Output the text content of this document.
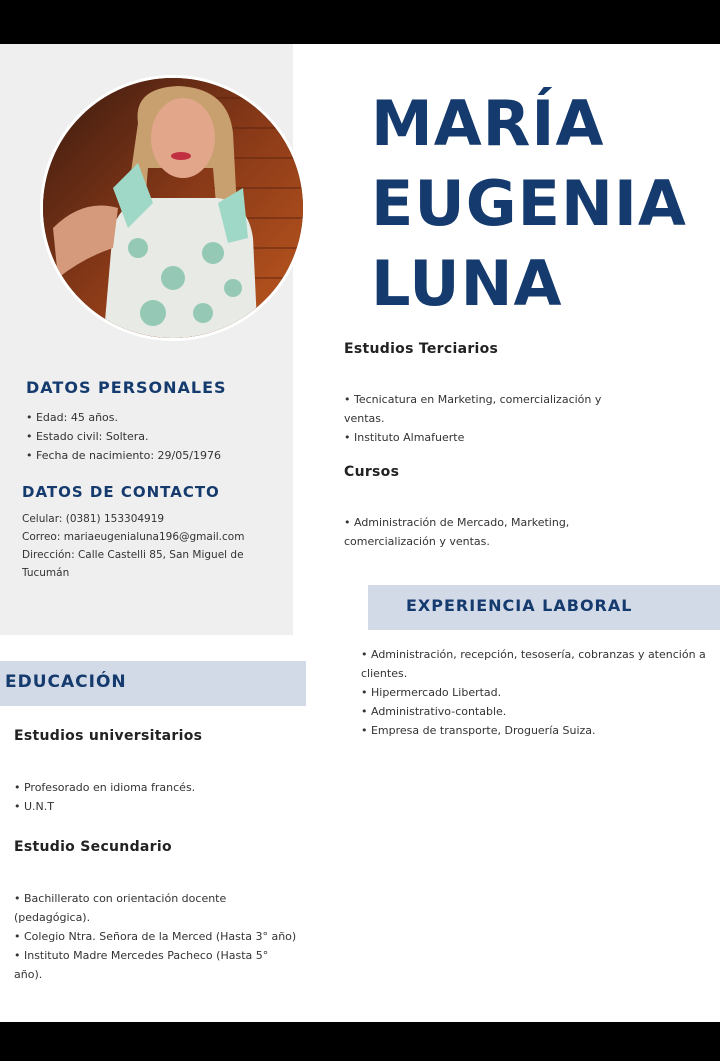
MARÍA
EUGENIA
LUNA
DATOS PERSONALES

• Edad: 45 años.

• Estado civil: Soltera.

• Fecha de nacimiento: 29/05/1976

DATOS DE CONTACTO

Celular: (0381) 153304919

Correo: mariaeugenialuna196@gmail.com

Dirección: Calle Castelli 85, San Miguel de

Tucumán

Estudios Terciarios

• Tecnicatura en Marketing, comercialización y

ventas.

• Instituto Almafuerte

Cursos

• Administración de Mercado, Marketing,

comercialización y ventas.

EXPERIENCIA LABORAL

• Administración, recepción, tesosería, cobranzas y atención a

clientes.

• Hipermercado Libertad.

• Administrativo-contable.

• Empresa de transporte, Droguería Suiza.

EDUCACIÓN
Estudios universitarios

• Profesorado en idioma francés.

• U.N.T

Estudio Secundario

• Bachillerato con orientación docente

(pedagógica).

• Colegio Ntra. Señora de la Merced (Hasta 3° año)

• Instituto Madre Mercedes Pacheco (Hasta 5°

año).
